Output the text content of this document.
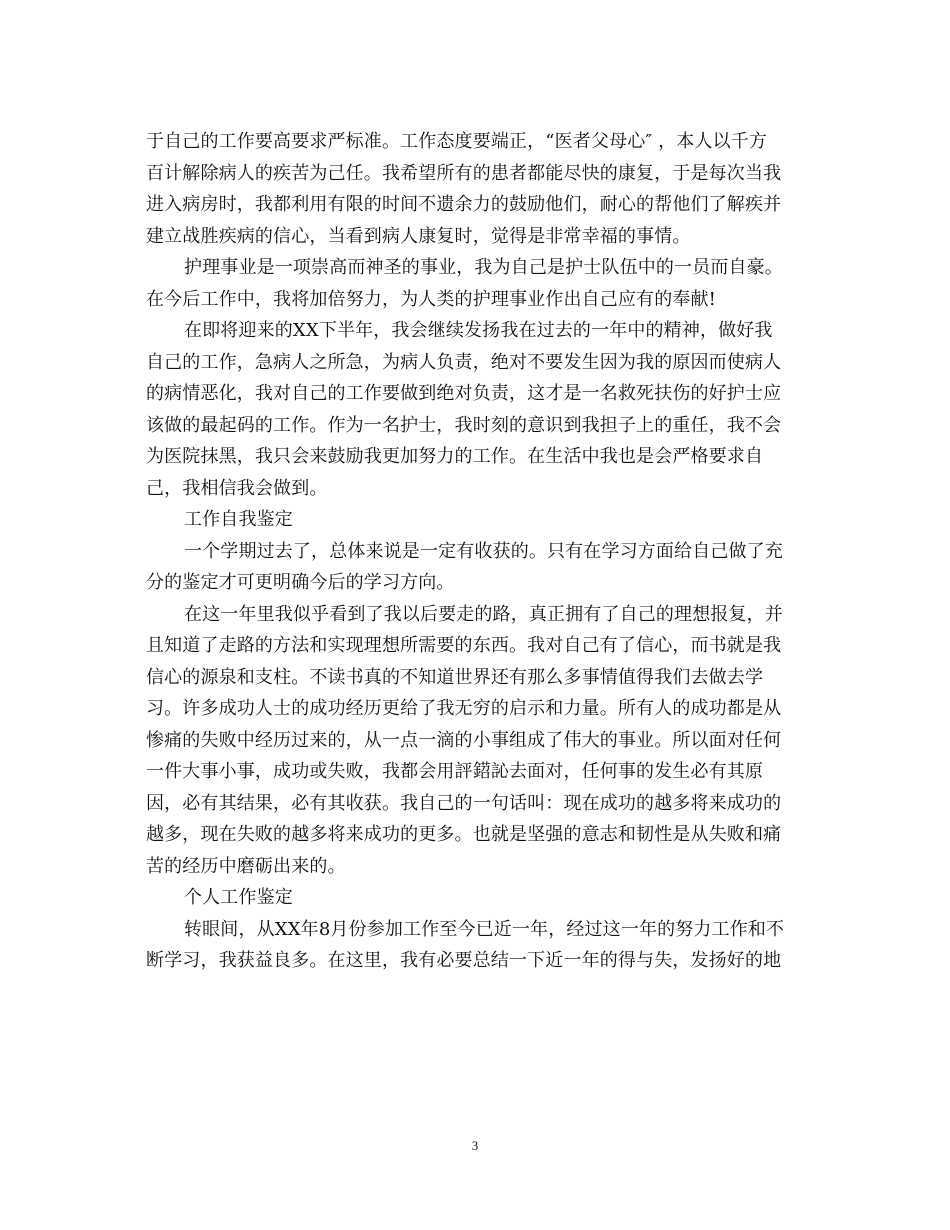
于自己的工作要高要求严标准。工作态度要端正，“医者父母心″ ，本人以千方
百计解除病人的疾苦为己任。我希望所有的患者都能尽快的康复，于是每次当我
进入病房时，我都利用有限的时间不遗余力的鼓励他们，耐心的帮他们了解疾并
建立战胜疾病的信心，当看到病人康复时，觉得是非常幸福的事情。
护理事业是一项崇高而神圣的事业，我为自己是护士队伍中的一员而自豪。
在今后工作中，我将加倍努力，为人类的护理事业作出自己应有的奉献!
在即将迎来的XX下半年，我会继续发扬我在过去的一年中的精神，做好我
自己的工作，急病人之所急，为病人负责，绝对不要发生因为我的原因而使病人
的病情恶化，我对自己的工作要做到绝对负责，这才是一名救死扶伤的好护士应
该做的最起码的工作。作为一名护士，我时刻的意识到我担子上的重任，我不会
为医院抹黑，我只会来鼓励我更加努力的工作。在生活中我也是会严格要求自
己，我相信我会做到。
工作自我鉴定
一个学期过去了，总体来说是一定有收获的。只有在学习方面给自己做了充
分的鉴定才可更明确今后的学习方向。
在这一年里我似乎看到了我以后要走的路，真正拥有了自己的理想报复，并
且知道了走路的方法和实现理想所需要的东西。我对自己有了信心，而书就是我
信心的源泉和支柱。不读书真的不知道世界还有那么多事情值得我们去做去学
习。许多成功人士的成功经历更给了我无穷的启示和力量。所有人的成功都是从
惨痛的失败中经历过来的，从一点一滴的小事组成了伟大的事业。所以面对任何
一件大事小事，成功或失败，我都会用評鍣訫去面对，任何事的发生必有其原
因，必有其结果，必有其收获。我自己的一句话叫：现在成功的越多将来成功的
越多，现在失败的越多将来成功的更多。也就是坚强的意志和韧性是从失败和痛
苦的经历中磨砺出来的。
个人工作鉴定
转眼间，从XX年8月份参加工作至今已近一年，经过这一年的努力工作和不
断学习，我获益良多。在这里，我有必要总结一下近一年的得与失，发扬好的地
3
